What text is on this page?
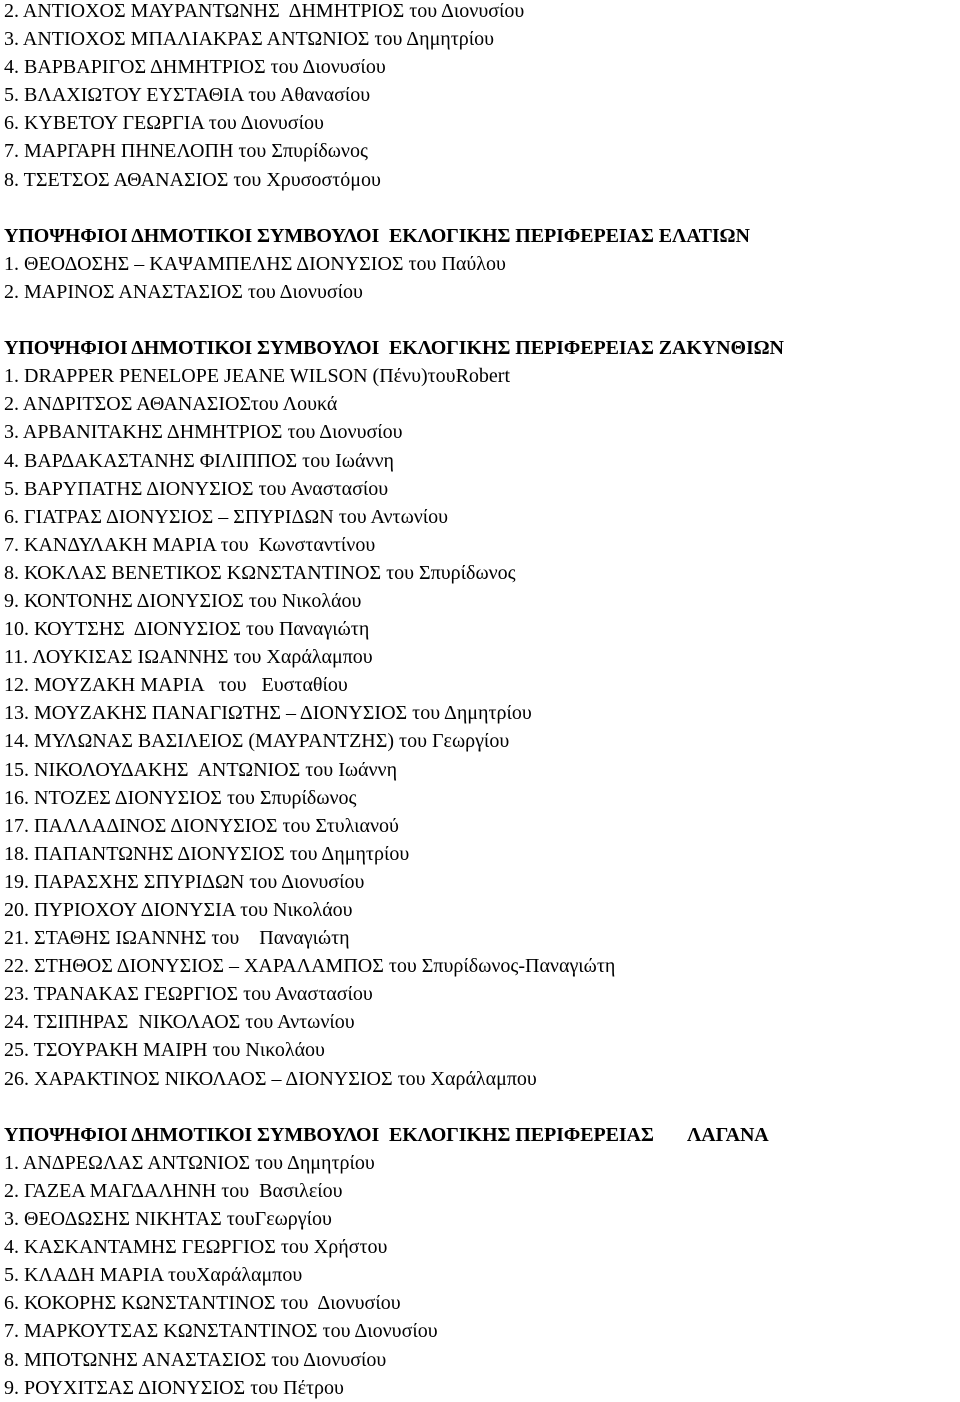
2. ΑΝΤΙΟΧΟΣ ΜΑΥΡΑΝΤΩΝΗΣ  ΔΗΜΗΤΡΙΟΣ του Διονυσίου
3. ΑΝΤΙΟΧΟΣ ΜΠΑΛΙΑΚΡΑΣ ΑΝΤΩΝΙΟΣ του Δημητρίου
4. ΒΑΡΒΑΡΙΓΟΣ ΔΗΜΗΤΡΙΟΣ του Διονυσίου
5. ΒΛΑΧΙΩΤΟΥ ΕΥΣΤΑΘΙΑ του Αθανασίου
6. ΚΥΒΕΤΟΥ ΓΕΩΡΓΙΑ του Διονυσίου
7. ΜΑΡΓΑΡΗ ΠΗΝΕΛΟΠΗ του Σπυρίδωνος
8. ΤΣΕΤΣΟΣ ΑΘΑΝΑΣΙΟΣ του Χρυσοστόμου
ΥΠΟΨΗΦΙΟΙ ΔΗΜΟΤΙΚΟΙ ΣΥΜΒΟΥΛΟΙ  ΕΚΛΟΓΙΚΗΣ ΠΕΡΙΦΕΡΕΙΑΣ ΕΛΑΤΙΩΝ
1. ΘΕΟΔΟΣΗΣ – ΚΑΨΑΜΠΕΛΗΣ ΔΙΟΝΥΣΙΟΣ του Παύλου
2. ΜΑΡΙΝΟΣ ΑΝΑΣΤΑΣΙΟΣ του Διονυσίου
ΥΠΟΨΗΦΙΟΙ ΔΗΜΟΤΙΚΟΙ ΣΥΜΒΟΥΛΟΙ  ΕΚΛΟΓΙΚΗΣ ΠΕΡΙΦΕΡΕΙΑΣ ΖΑΚΥΝΘΙΩΝ
1. DRAPPER PENELOPE JEANE WILSON (Πένυ)τουRobert
2. ΑΝΔΡΙΤΣΟΣ ΑΘΑΝΑΣΙΟΣτου Λουκά
3. ΑΡΒΑΝΙΤΑΚΗΣ ΔΗΜΗΤΡΙΟΣ του Διονυσίου
4. ΒΑΡΔΑΚΑΣΤΑΝΗΣ ΦΙΛΙΠΠΟΣ του Ιωάννη
5. ΒΑΡΥΠΑΤΗΣ ΔΙΟΝΥΣΙΟΣ του Αναστασίου
6. ΓΙΑΤΡΑΣ ΔΙΟΝΥΣΙΟΣ – ΣΠΥΡΙΔΩΝ του Αντωνίου
7. ΚΑΝΔΥΛΑΚΗ ΜΑΡΙΑ του  Κωνσταντίνου
8. ΚΟΚΛΑΣ ΒΕΝΕΤΙΚΟΣ ΚΩΝΣΤΑΝΤΙΝΟΣ του Σπυρίδωνος
9. ΚΟΝΤΟΝΗΣ ΔΙΟΝΥΣΙΟΣ του Νικολάου
10. ΚΟΥΤΣΗΣ  ΔΙΟΝΥΣΙΟΣ του Παναγιώτη
11. ΛΟΥΚΙΣΑΣ ΙΩΑΝΝΗΣ του Χαράλαμπου
12. ΜΟΥΖΑΚΗ ΜΑΡΙΑ   του   Ευσταθίου
13. ΜΟΥΖΑΚΗΣ ΠΑΝΑΓΙΩΤΗΣ – ΔΙΟΝΥΣΙΟΣ του Δημητρίου
14. ΜΥΛΩΝΑΣ ΒΑΣΙΛΕΙΟΣ (ΜΑΥΡΑΝΤΖΗΣ) του Γεωργίου
15. ΝΙΚΟΛΟΥΔΑΚΗΣ  ΑΝΤΩΝΙΟΣ του Ιωάννη
16. ΝΤΟΖΕΣ ΔΙΟΝΥΣΙΟΣ του Σπυρίδωνος
17. ΠΑΛΛΑΔΙΝΟΣ ΔΙΟΝΥΣΙΟΣ του Στυλιανού
18. ΠΑΠΑΝΤΩΝΗΣ ΔΙΟΝΥΣΙΟΣ του Δημητρίου
19. ΠΑΡΑΣΧΗΣ ΣΠΥΡΙΔΩΝ του Διονυσίου
20. ΠΥΡΙΟΧΟΥ ΔΙΟΝΥΣΙΑ του Νικολάου
21. ΣΤΑΘΗΣ ΙΩΑΝΝΗΣ του    Παναγιώτη
22. ΣΤΗΘΟΣ ΔΙΟΝΥΣΙΟΣ – ΧΑΡΑΛΑΜΠΟΣ του Σπυρίδωνος-Παναγιώτη
23. ΤΡΑΝΑΚΑΣ ΓΕΩΡΓΙΟΣ του Αναστασίου
24. ΤΣΙΠΗΡΑΣ  ΝΙΚΟΛΑΟΣ του Αντωνίου
25. ΤΣΟΥΡΑΚΗ ΜΑΙΡΗ του Νικολάου
26. ΧΑΡΑΚΤΙΝΟΣ ΝΙΚΟΛΑΟΣ – ΔΙΟΝΥΣΙΟΣ του Χαράλαμπου
ΥΠΟΨΗΦΙΟΙ ΔΗΜΟΤΙΚΟΙ ΣΥΜΒΟΥΛΟΙ  ΕΚΛΟΓΙΚΗΣ ΠΕΡΙΦΕΡΕΙΑΣ       ΛΑΓΑΝΑ
1. ΑΝΔΡΕΩΛΑΣ ΑΝΤΩΝΙΟΣ του Δημητρίου
2. ΓΑΖΕΑ ΜΑΓΔΑΛΗΝΗ του  Βασιλείου
3. ΘΕΟΔΩΣΗΣ ΝΙΚΗΤΑΣ τουΓεωργίου
4. ΚΑΣΚΑΝΤΑΜΗΣ ΓΕΩΡΓΙΟΣ του Χρήστου
5. ΚΛΑΔΗ ΜΑΡΙΑ τουΧαράλαμπου
6. ΚΟΚΟΡΗΣ ΚΩΝΣΤΑΝΤΙΝΟΣ του  Διονυσίου
7. ΜΑΡΚΟΥΤΣΑΣ ΚΩΝΣΤΑΝΤΙΝΟΣ του Διονυσίου
8. ΜΠΟΤΩΝΗΣ ΑΝΑΣΤΑΣΙΟΣ του Διονυσίου
9. ΡΟΥΧΙΤΣΑΣ ΔΙΟΝΥΣΙΟΣ του Πέτρου
